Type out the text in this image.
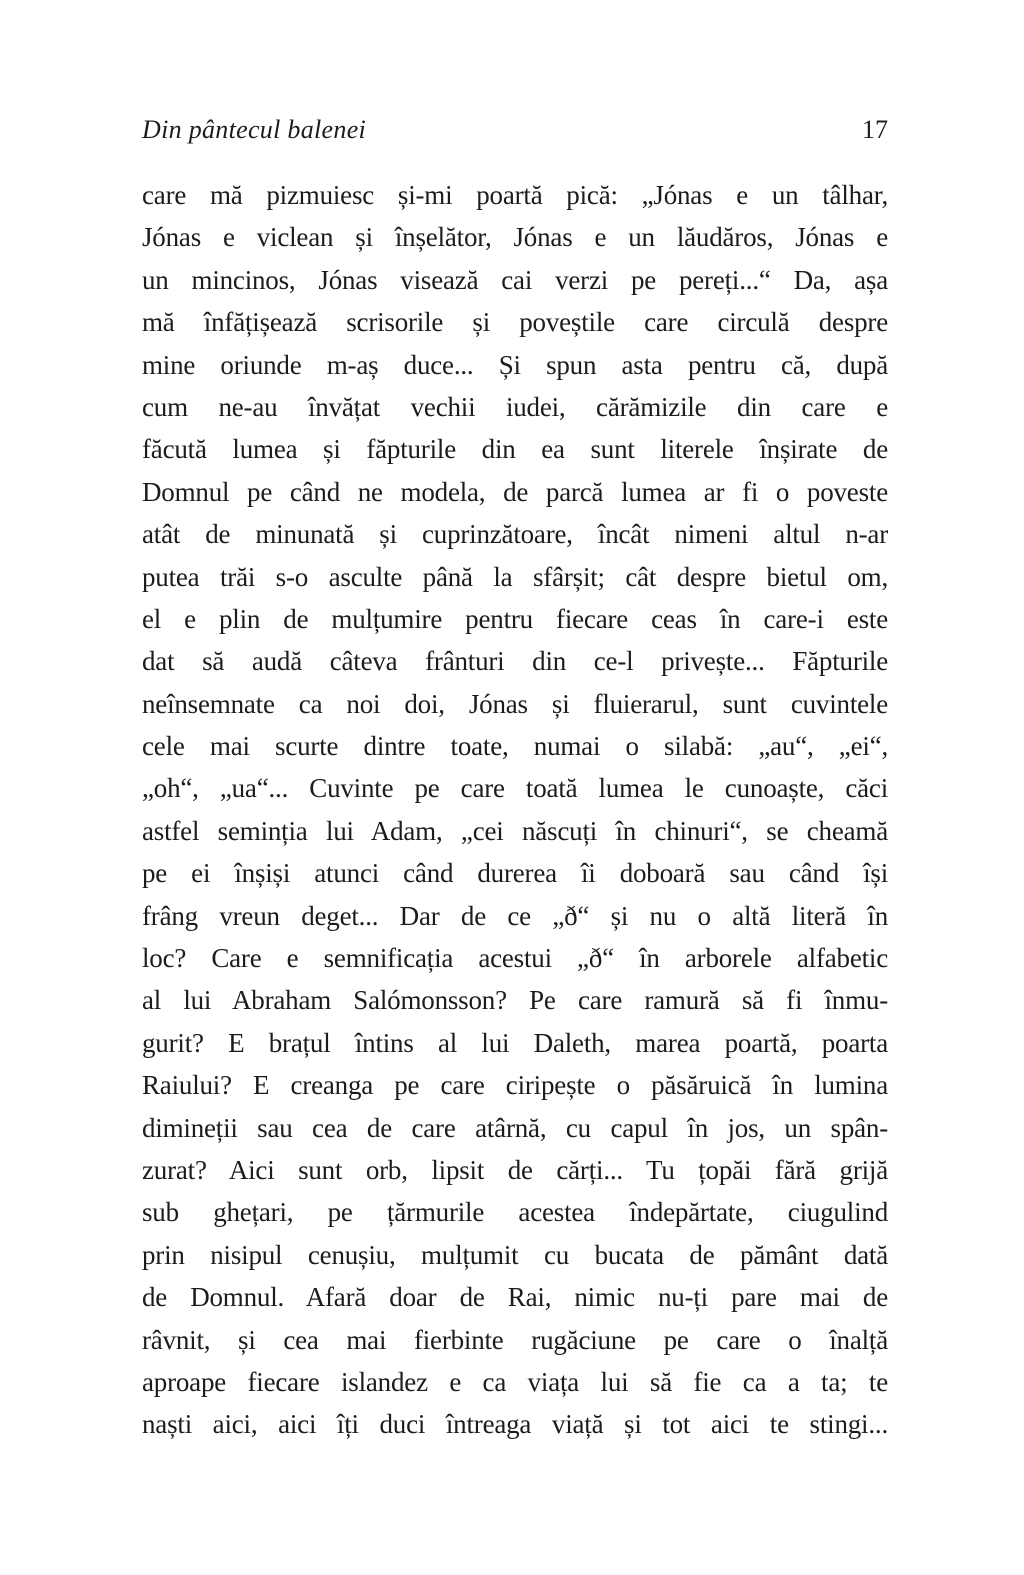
Din pântecul balenei	17
care mă pizmuiesc și-mi poartă pică: „Jónas e un tâlhar,
Jónas e viclean și înșelător, Jónas e un lăudăros, Jónas e
un mincinos, Jónas visează cai verzi pe pereți...“ Da, așa
mă înfățișează scrisorile și poveștile care circulă despre
mine oriunde m-aș duce... Și spun asta pentru că, după
cum ne-au învățat vechii iudei, cărămizile din care e
făcută lumea și făpturile din ea sunt literele înșirate de
Domnul pe când ne modela, de parcă lumea ar fi o poveste
atât de minunată și cuprinzătoare, încât nimeni altul n-ar
putea trăi s-o asculte până la sfârșit; cât despre bietul om,
el e plin de mulțumire pentru fiecare ceas în care-i este
dat să audă câteva frânturi din ce-l privește... Făpturile
neînsemnate ca noi doi, Jónas și fluierarul, sunt cuvintele
cele mai scurte dintre toate, numai o silabă: „au“, „ei“,
„oh“, „ua“... Cuvinte pe care toată lumea le cunoaște, căci
astfel seminția lui Adam, „cei născuți în chinuri“, se cheamă
pe ei înșiși atunci când durerea îi doboară sau când își
frâng vreun deget... Dar de ce „ð“ și nu o altă literă în
loc? Care e semnificația acestui „ð“ în arborele alfabetic
al lui Abraham Salómonsson? Pe care ramură să fi înmu-
gurit? E brațul întins al lui Daleth, marea poartă, poarta
Raiului? E creanga pe care ciripește o păsăruică în lumina
dimineții sau cea de care atârnă, cu capul în jos, un spân-
zurat? Aici sunt orb, lipsit de cărți... Tu țopăi fără grijă
sub ghețari, pe țărmurile acestea îndepărtate, ciugulind
prin nisipul cenușiu, mulțumit cu bucata de pământ dată
de Domnul. Afară doar de Rai, nimic nu-ți pare mai de
râvnit, și cea mai fierbinte rugăciune pe care o înalță
aproape fiecare islandez e ca viața lui să fie ca a ta; te
naști aici, aici îți duci întreaga viață și tot aici te stingi...
